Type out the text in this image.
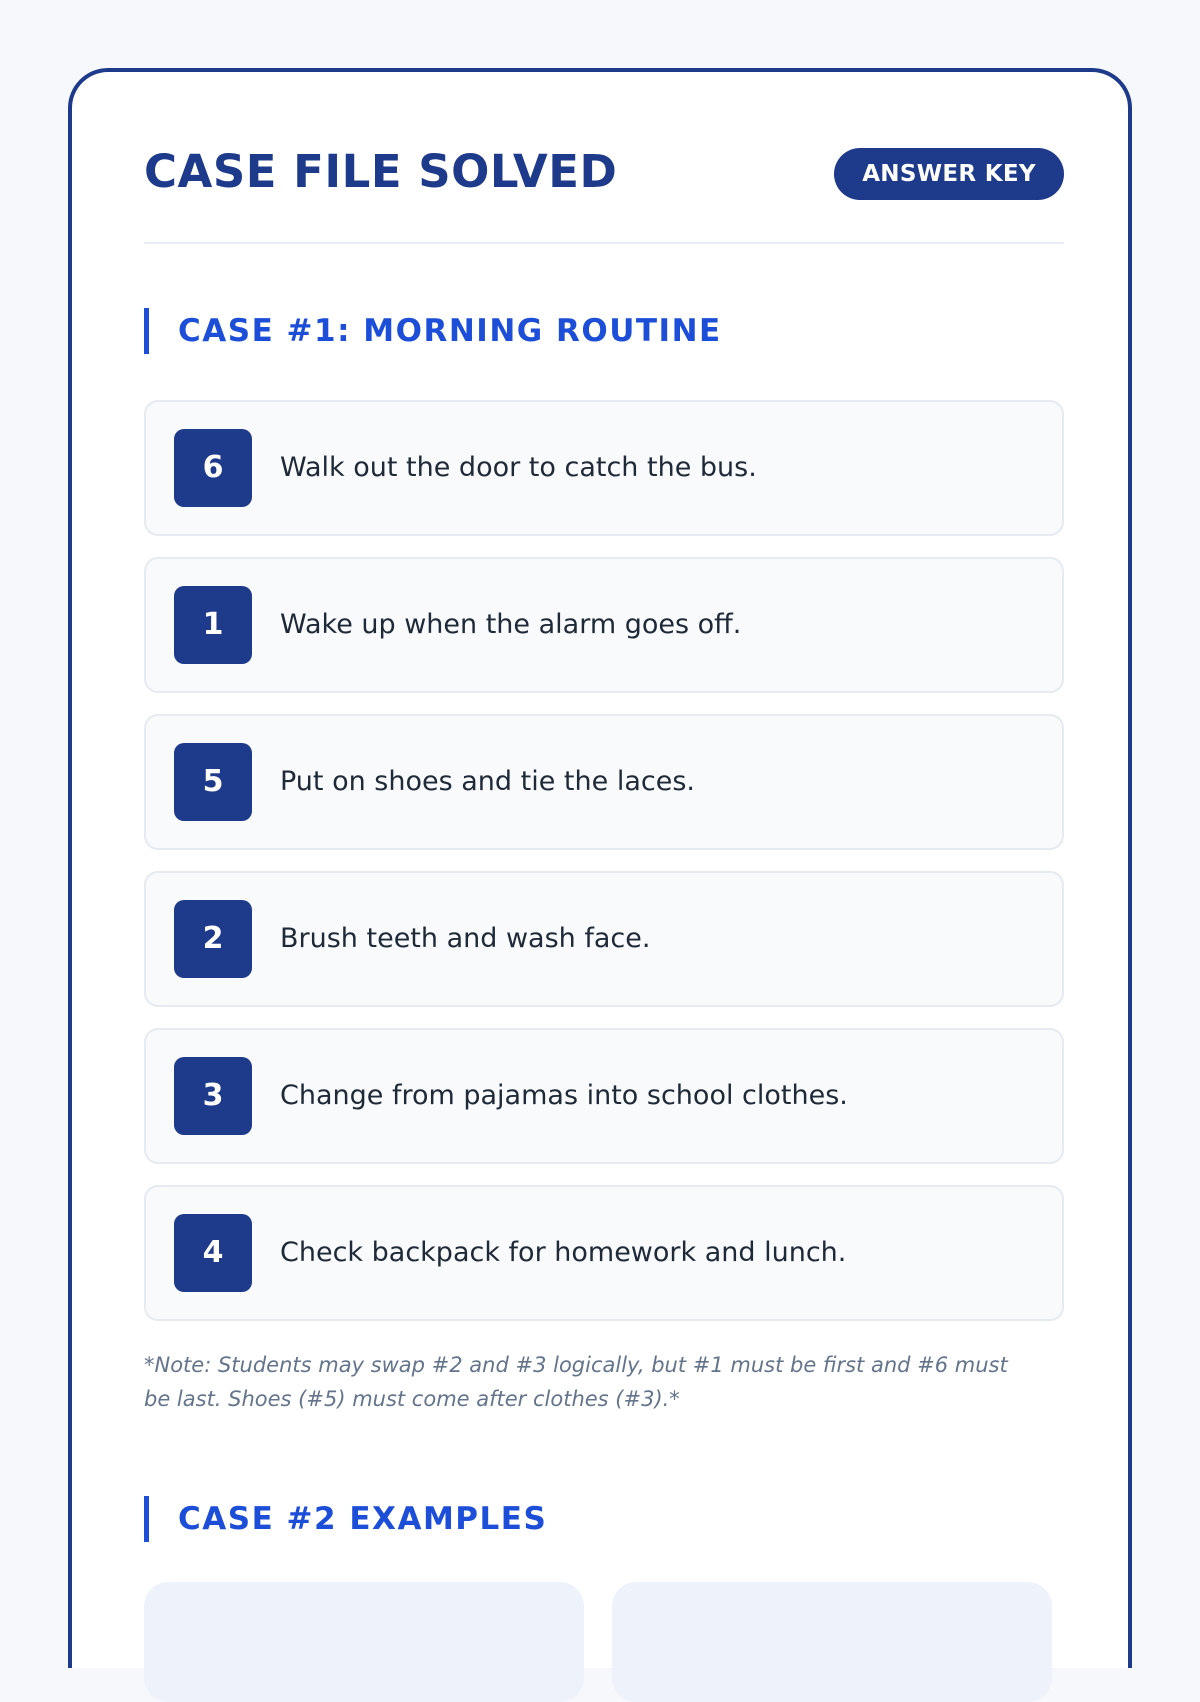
CASE FILE SOLVED	ANSWER KEY
CASE #1: MORNING ROUTINE
6	Walk out the door to catch the bus.
1	Wake up when the alarm goes off.
5	Put on shoes and tie the laces.
2	Brush teeth and wash face.
3	Change from pajamas into school clothes.
4	Check backpack for homework and lunch.
*Note: Students may swap #2 and #3 logically, but #1 must be first and #6 must be last. Shoes (#5) must come after clothes (#3).*
CASE #2 EXAMPLES
